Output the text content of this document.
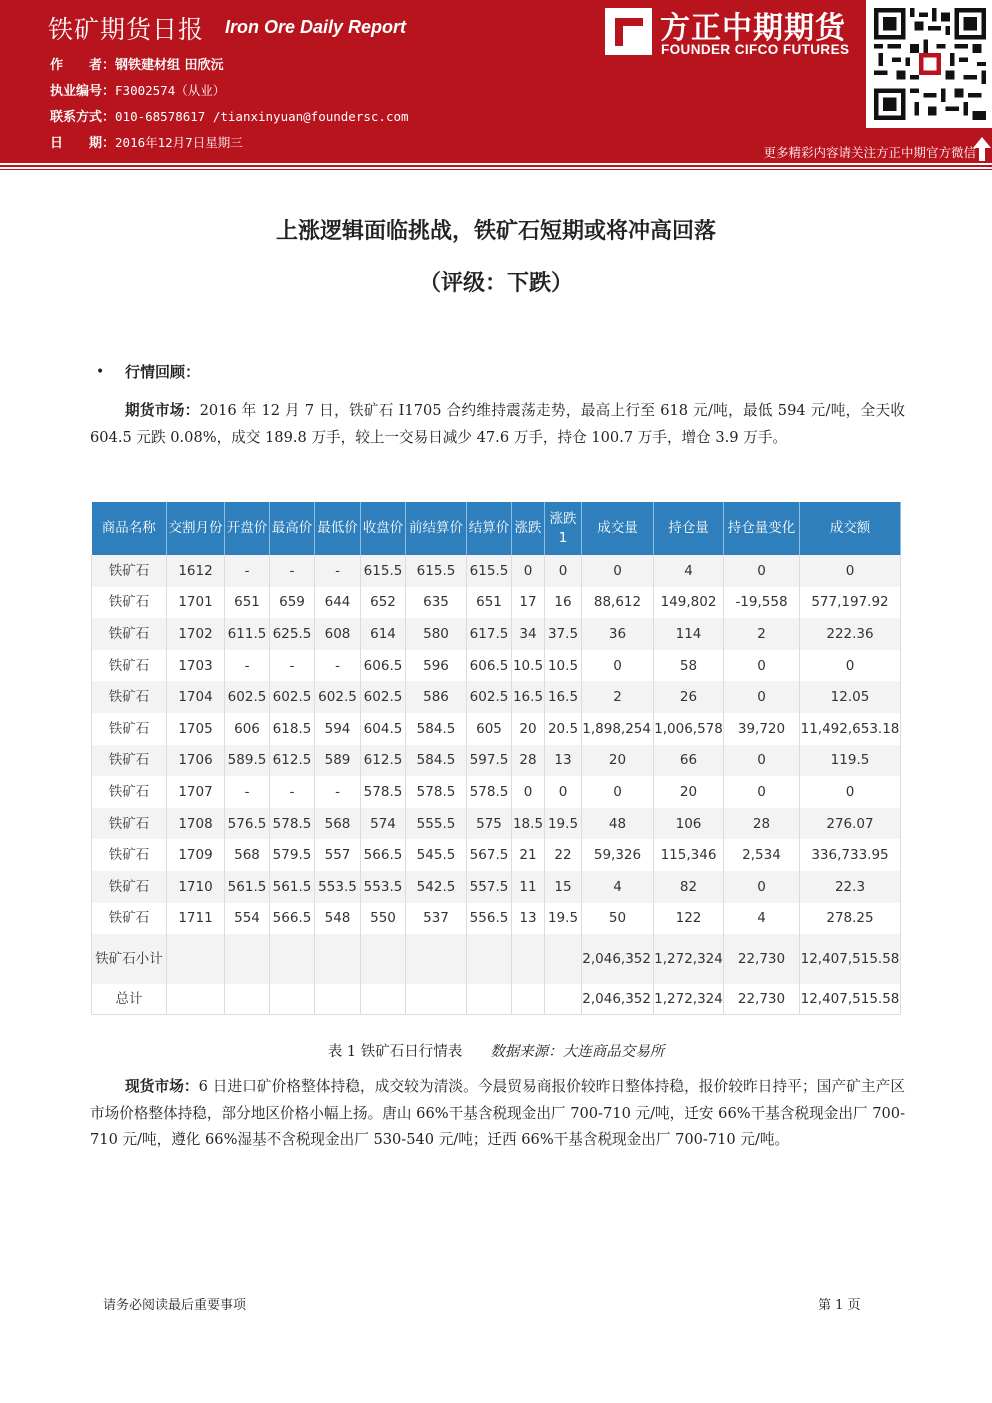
铁矿期货日报 Iron Ore Daily Report
作　　者：钢铁建材组 田欣沅
执业编号：F3002574（从业）
联系方式：010-68578617 /tianxinyuan@foundersc.com
日　　期：2016年12月7日星期三
方正中期期货
FOUNDER CIFCO FUTURES
更多精彩内容请关注方正中期官方微信
上涨逻辑面临挑战，铁矿石短期或将冲高回落
（评级：下跌）
• 行情回顾：
期货市场：2016 年 12 月 7 日，铁矿石 I1705 合约维持震荡走势，最高上行至 618 元/吨，最低 594 元/吨，全天收 604.5 元跌 0.08%，成交 189.8 万手，较上一交易日减少 47.6 万手，持仓 100.7 万手，增仓 3.9 万手。
商品名称	交割月份	开盘价	最高价	最低价	收盘价	前结算价	结算价	涨跌	涨跌1	成交量	持仓量	持仓量变化	成交额
铁矿石	1612	-	-	-	615.5	615.5	615.5	0	0	0	4	0	0
铁矿石	1701	651	659	644	652	635	651	17	16	88,612	149,802	-19,558	577,197.92
铁矿石	1702	611.5	625.5	608	614	580	617.5	34	37.5	36	114	2	222.36
铁矿石	1703	-	-	-	606.5	596	606.5	10.5	10.5	0	58	0	0
铁矿石	1704	602.5	602.5	602.5	602.5	586	602.5	16.5	16.5	2	26	0	12.05
铁矿石	1705	606	618.5	594	604.5	584.5	605	20	20.5	1,898,254	1,006,578	39,720	11,492,653.18
铁矿石	1706	589.5	612.5	589	612.5	584.5	597.5	28	13	20	66	0	119.5
铁矿石	1707	-	-	-	578.5	578.5	578.5	0	0	0	20	0	0
铁矿石	1708	576.5	578.5	568	574	555.5	575	18.5	19.5	48	106	28	276.07
铁矿石	1709	568	579.5	557	566.5	545.5	567.5	21	22	59,326	115,346	2,534	336,733.95
铁矿石	1710	561.5	561.5	553.5	553.5	542.5	557.5	11	15	4	82	0	22.3
铁矿石	1711	554	566.5	548	550	537	556.5	13	19.5	50	122	4	278.25
铁矿石小计										2,046,352	1,272,324	22,730	12,407,515.58
总计										2,046,352	1,272,324	22,730	12,407,515.58
表 1 铁矿石日行情表 数据来源：大连商品交易所
现货市场：6 日进口矿价格整体持稳，成交较为清淡。今晨贸易商报价较昨日整体持稳，报价较昨日持平；国产矿主产区市场价格整体持稳，部分地区价格小幅上扬。唐山 66%干基含税现金出厂 700-710 元/吨，迁安 66%干基含税现金出厂 700-710 元/吨，遵化 66%湿基不含税现金出厂 530-540 元/吨；迁西 66%干基含税现金出厂 700-710 元/吨。
请务必阅读最后重要事项	第 1 页
